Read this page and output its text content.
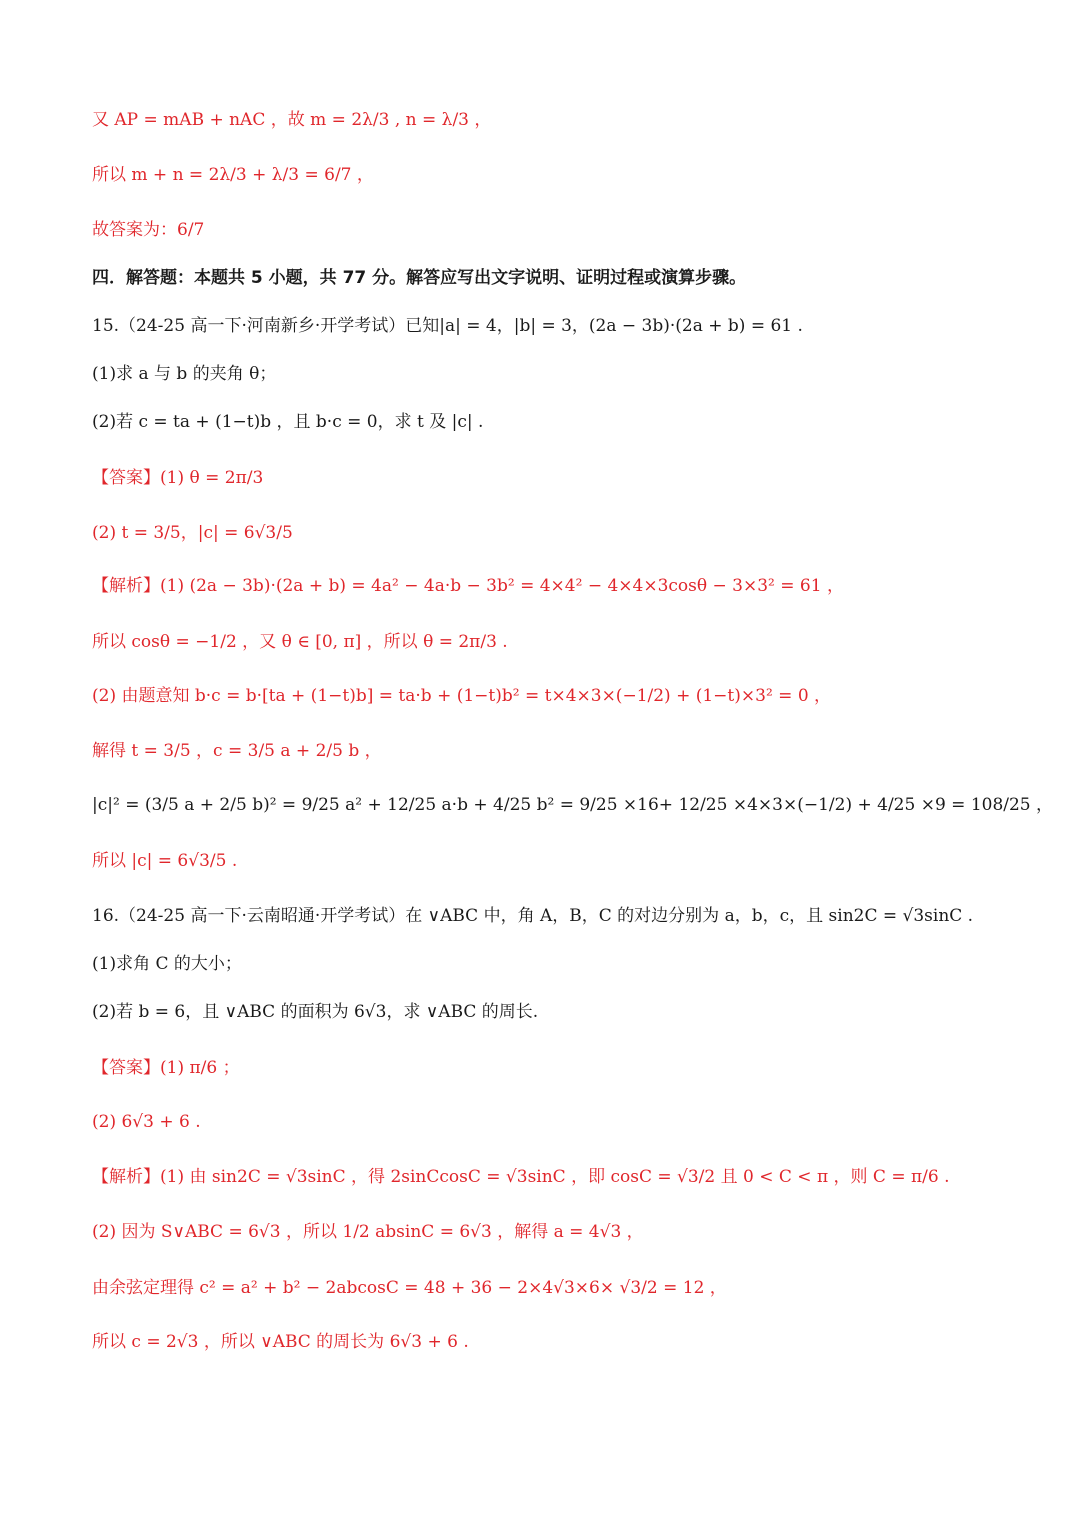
又 AP = mAB + nAC ，故 m = 2λ/3 , n = λ/3 ，
所以 m + n = 2λ/3 + λ/3 = 6/7 ，
故答案为：6/7
四．解答题：本题共 5 小题，共 77 分。解答应写出文字说明、证明过程或演算步骤。
15.（24-25 高一下·河南新乡·开学考试）已知|a| = 4，|b| = 3，(2a − 3b)·(2a + b) = 61 .
(1)求 a 与 b 的夹角 θ；
(2)若 c = ta + (1−t)b ，且 b·c = 0，求 t 及 |c| .
【答案】(1) θ = 2π/3
(2) t = 3/5，|c| = 6√3/5
【解析】(1) (2a − 3b)·(2a + b) = 4a² − 4a·b − 3b² = 4×4² − 4×4×3cosθ − 3×3² = 61 ，
所以 cosθ = −1/2 ，又 θ ∈ [0, π] ，所以 θ = 2π/3 .
(2) 由题意知 b·c = b·[ta + (1−t)b] = ta·b + (1−t)b² = t×4×3×(−1/2) + (1−t)×3² = 0 ，
解得 t = 3/5 ，c = 3/5 a + 2/5 b ，
|c|² = (3/5 a + 2/5 b)² = 9/25 a² + 12/25 a·b + 4/25 b² = 9/25 ×16+ 12/25 ×4×3×(−1/2) + 4/25 ×9 = 108/25 ，
所以 |c| = 6√3/5 .
16.（24-25 高一下·云南昭通·开学考试）在 ∨ABC 中，角 A，B，C 的对边分别为 a，b，c，且 sin2C = √3sinC .
(1)求角 C 的大小；
(2)若 b = 6，且 ∨ABC 的面积为 6√3，求 ∨ABC 的周长.
【答案】(1) π/6 ；
(2) 6√3 + 6 .
【解析】(1) 由 sin2C = √3sinC ，得 2sinCcosC = √3sinC ，即 cosC = √3/2 且 0 < C < π ，则 C = π/6 .
(2) 因为 S∨ABC = 6√3 ，所以 1/2 absinC = 6√3 ，解得 a = 4√3 ，
由余弦定理得 c² = a² + b² − 2abcosC = 48 + 36 − 2×4√3×6× √3/2 = 12 ，
所以 c = 2√3 ，所以 ∨ABC 的周长为 6√3 + 6 .
